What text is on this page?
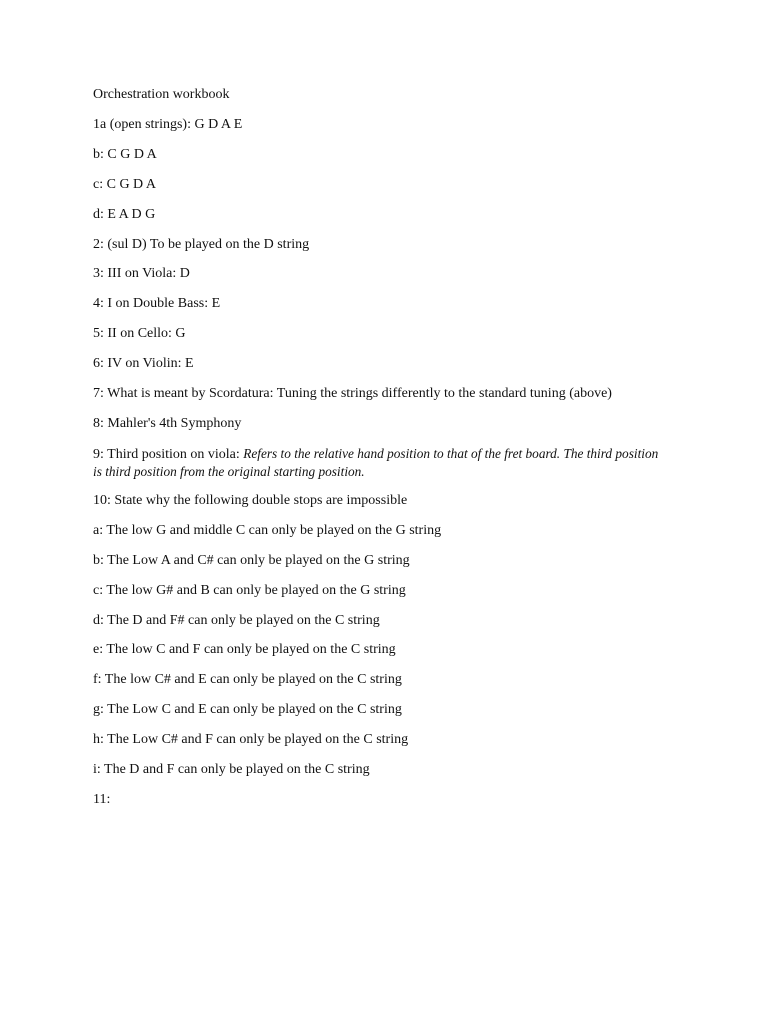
Orchestration workbook
1a (open strings): G D A E
b: C G D A
c: C G D A
d: E A D G
2: (sul D) To be played on the D string
3: III on Viola: D
4: I on Double Bass: E
5: II on Cello: G
6: IV on Violin: E
7: What is meant by Scordatura: Tuning the strings differently to the standard tuning (above)
8: Mahler's 4th Symphony
9: Third position on viola: Refers to the relative hand position to that of the fret board. The third position is third position from the original starting position.
10: State why the following double stops are impossible
a: The low G and middle C can only be played on the G string
b: The Low A and C# can only be played on the G string
c: The low G# and B can only be played on the G string
d: The D and F# can only be played on the C string
e: The low C and F can only be played on the C string
f: The low C# and E can only be played on the C string
g: The Low C and E can only be played on the C string
h: The Low C# and F can only be played on the C string
i: The D and F can only be played on the C string
11:
